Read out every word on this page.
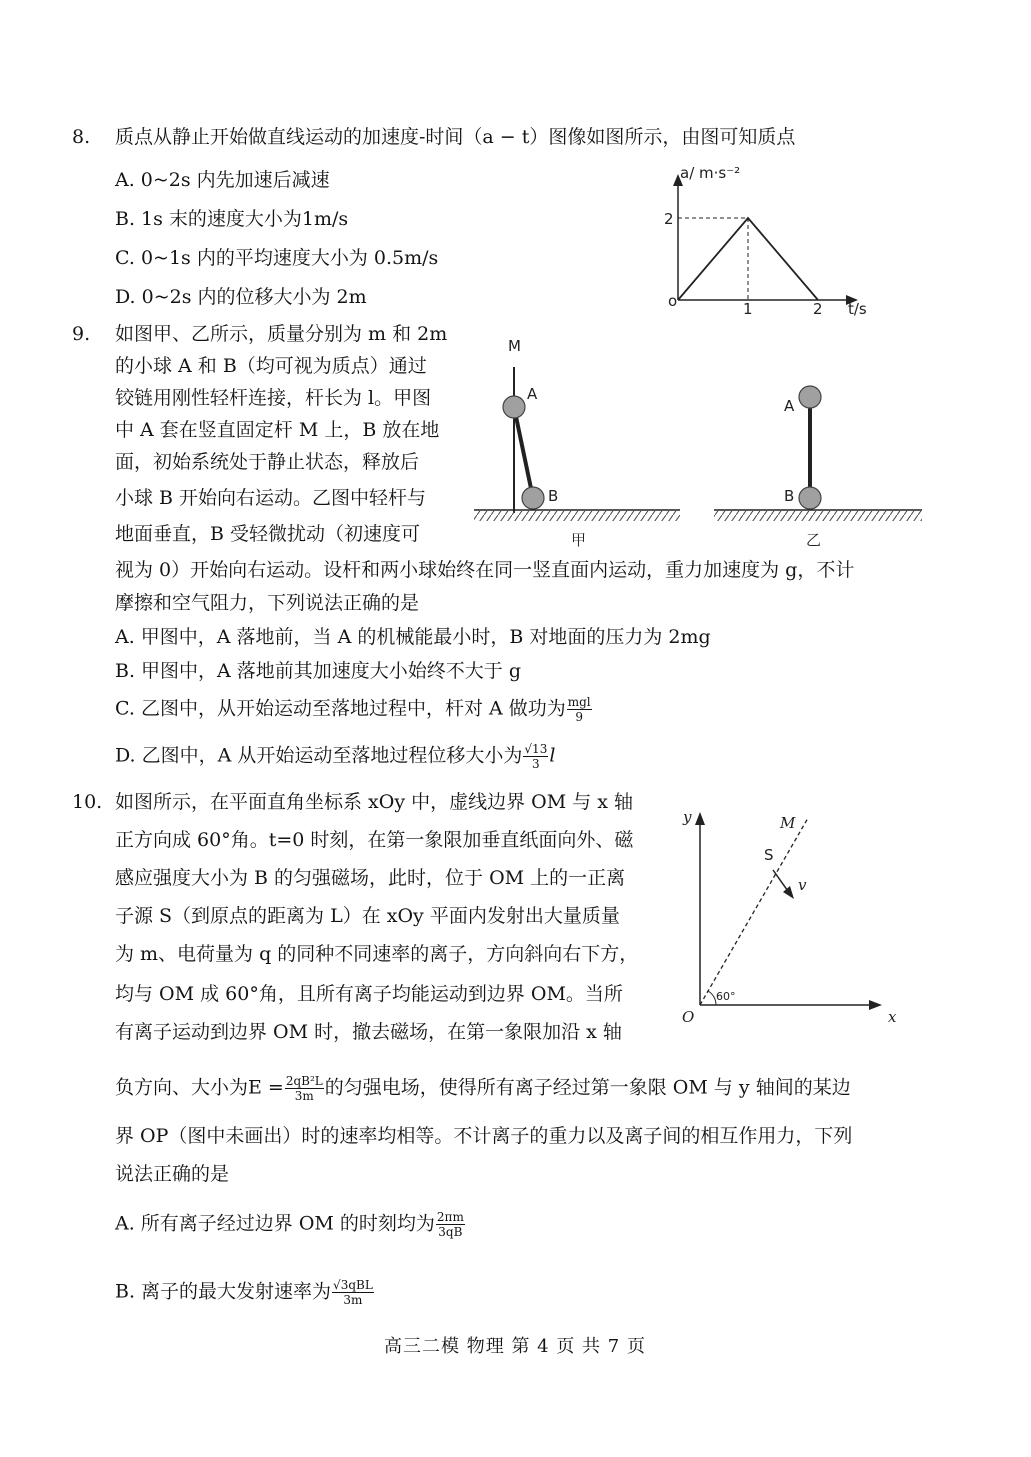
8. 质点从静止开始做直线运动的加速度-时间（a − t）图像如图所示，由图可知质点
A. 0~2s 内先加速后减速
B. 1s 末的速度大小为1m/s
C. 0~1s 内的平均速度大小为 0.5m/s
D. 0~2s 内的位移大小为 2m
a/ m·s⁻²
2
o	1	2 t/s
9. 如图甲、乙所示，质量分别为 m 和 2m
的小球 A 和 B（均可视为质点）通过
铰链用刚性轻杆连接，杆长为 l。甲图
中 A 套在竖直固定杆 M 上，B 放在地
面，初始系统处于静止状态，释放后
小球 B 开始向右运动。乙图中轻杆与
地面垂直，B 受轻微扰动（初速度可
M
A
B
甲
A
B
乙
视为 0）开始向右运动。设杆和两小球始终在同一竖直面内运动，重力加速度为 g，不计
摩擦和空气阻力，下列说法正确的是
A. 甲图中，A 落地前，当 A 的机械能最小时，B 对地面的压力为 2mg
B. 甲图中，A 落地前其加速度大小始终不大于 g
C. 乙图中，从开始运动至落地过程中，杆对 A 做功为 $\frac{\text{mgl}}{9}$
D. 乙图中，A 从开始运动至落地过程位移大小为 $\frac{√13}{3}$ l
10. 如图所示，在平面直角坐标系 xOy 中，虚线边界 OM 与 x 轴
正方向成 60°角。t=0 时刻，在第一象限加垂直纸面向外、磁
感应强度大小为 B 的匀强磁场，此时，位于 OM 上的一正离
子源 S（到原点的距离为 L）在 xOy 平面内发射出大量质量
为 m、电荷量为 q 的同种不同速率的离子，方向斜向右下方，
均与 OM 成 60°角，且所有离子均能运动到边界 OM。当所
有离子运动到边界 OM 时，撤去磁场，在第一象限加沿 x 轴
y
x
O
M
S
v
60°
负方向、大小为$E = \frac{\text{2qB²L}}{3m}$ 的匀强电场，使得所有离子经过第一象限 OM 与 y 轴间的某边
界 OP（图中未画出）时的速率均相等。不计离子的重力以及离子间的相互作用力，下列
说法正确的是
A. 所有离子经过边界 OM 的时刻均为 $\frac{2\pi m}{3qB}$
B. 离子的最大发射速率为 $\frac{\text{√3qBL}}{3m}$
高三二模 物理 第 4 页 共 7 页
